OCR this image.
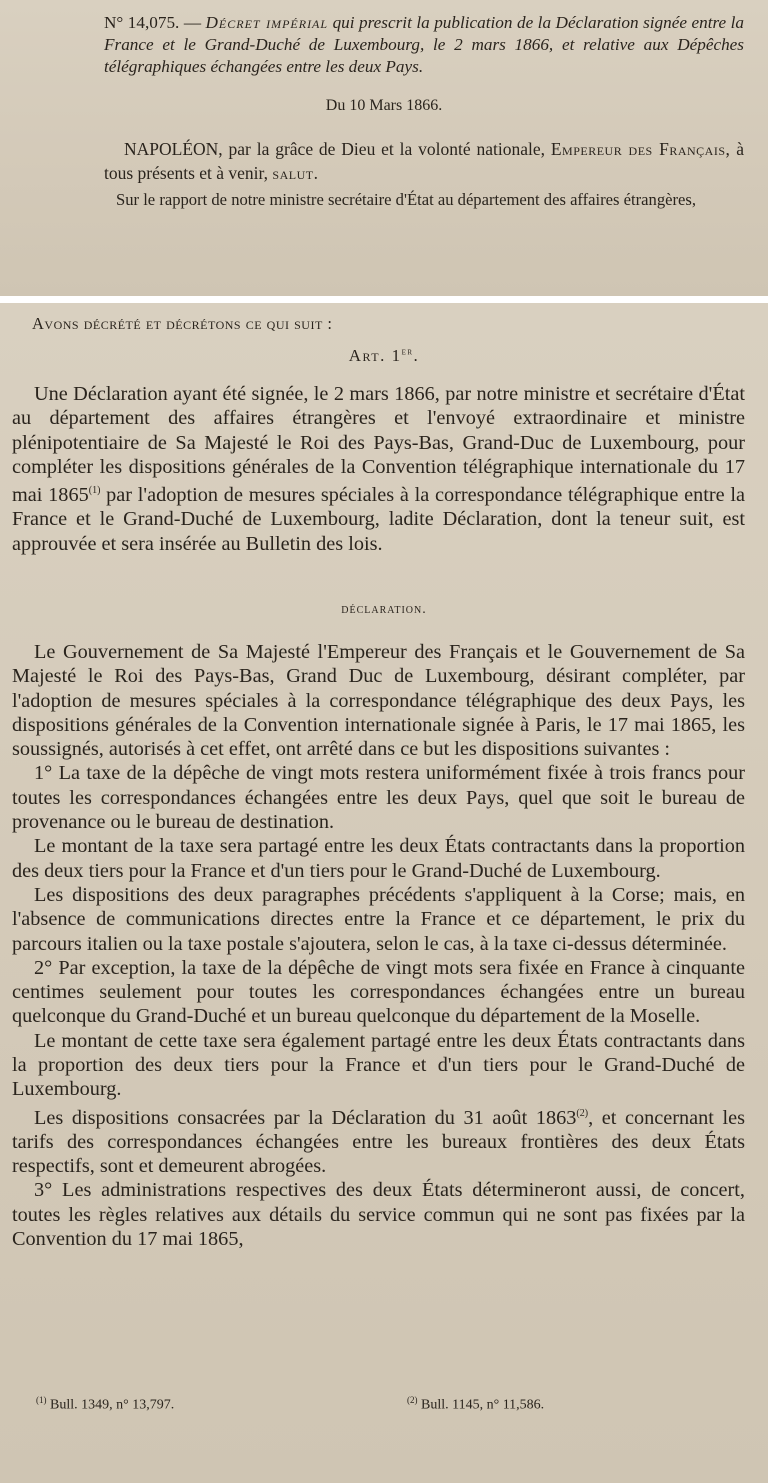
N° 14,075. — Décret impérial qui prescrit la publication de la Déclaration signée entre la France et le Grand-Duché de Luxembourg, le 2 mars 1866, et relative aux Dépêches télégraphiques échangées entre les deux Pays.
Du 10 Mars 1866.
NAPOLÉON, par la grâce de Dieu et la volonté nationale, Empereur des Français, à tous présents et à venir, salut.
Sur le rapport de notre ministre secrétaire d'État au département des affaires étrangères,
Avons décrété et décrétons ce qui suit :
Art. 1er.

Une Déclaration ayant été signée, le 2 mars 1866, par notre ministre et secrétaire d'État au département des affaires étrangères et l'envoyé extraordinaire et ministre plénipotentiaire de Sa Majesté le Roi des Pays-Bas, Grand-Duc de Luxembourg, pour compléter les dispositions générales de la Convention télégraphique internationale du 17 mai 1865$^{(1)}$ par l'adoption de mesures spéciales à la correspondance télégraphique entre la France et le Grand-Duché de Luxembourg, ladite Déclaration, dont la teneur suit, est approuvée et sera insérée au Bulletin des lois.

déclaration.

Le Gouvernement de Sa Majesté l'Empereur des Français et le Gouvernement de Sa Majesté le Roi des Pays-Bas, Grand Duc de Luxembourg, désirant compléter, par l'adoption de mesures spéciales à la correspondance télégraphique des deux Pays, les dispositions générales de la Convention internationale signée à Paris, le 17 mai 1865, les soussignés, autorisés à cet effet, ont arrêté dans ce but les dispositions suivantes :

1° La taxe de la dépêche de vingt mots restera uniformément fixée à trois francs pour toutes les correspondances échangées entre les deux Pays, quel que soit le bureau de provenance ou le bureau de destination.

Le montant de la taxe sera partagé entre les deux États contractants dans la proportion des deux tiers pour la France et d'un tiers pour le Grand-Duché de Luxembourg.

Les dispositions des deux paragraphes précédents s'appliquent à la Corse; mais, en l'absence de communications directes entre la France et ce département, le prix du parcours italien ou la taxe postale s'ajoutera, selon le cas, à la taxe ci-dessus déterminée.

2° Par exception, la taxe de la dépêche de vingt mots sera fixée en France à cinquante centimes seulement pour toutes les correspondances échangées entre un bureau quelconque du Grand-Duché et un bureau quelconque du département de la Moselle.

Le montant de cette taxe sera également partagé entre les deux États contractants dans la proportion des deux tiers pour la France et d'un tiers pour le Grand-Duché de Luxembourg.

Les dispositions consacrées par la Déclaration du 31 août 1863$^{(2)}$, et concernant les tarifs des correspondances échangées entre les bureaux frontières des deux États respectifs, sont et demeurent abrogées.

3° Les administrations respectives des deux États détermineront aussi, de concert, toutes les règles relatives aux détails du service commun qui ne sont pas fixées par la Convention du 17 mai 1865,

$^{(1)}$ Bull. 1349, n° 13,797.	$^{(2)}$ Bull. 1145, n° 11,586.
